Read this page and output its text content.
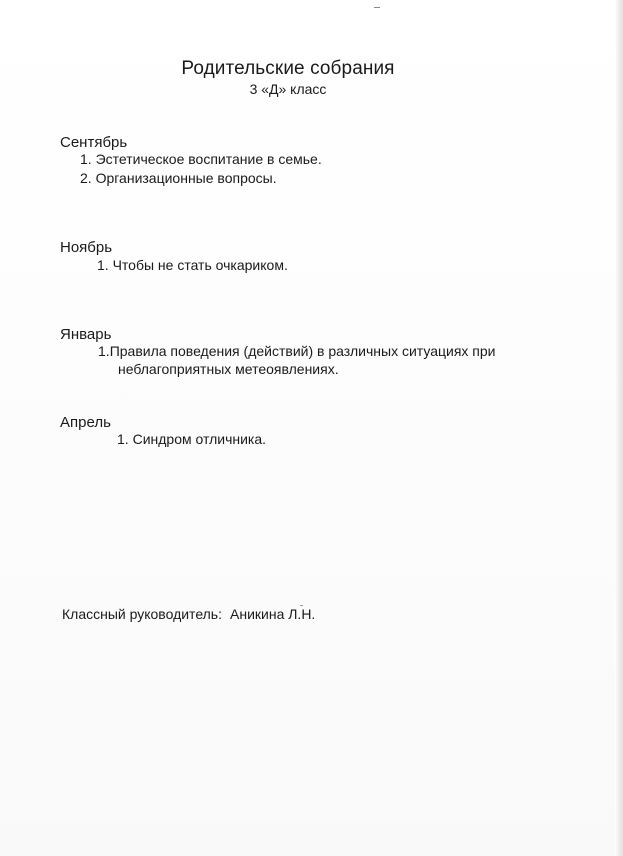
Родительские собрания
3 «Д» класс
Сентябрь
1. Эстетическое воспитание в семье.
2. Организационные вопросы.
Ноябрь
1. Чтобы не стать очкариком.
Январь
1.Правила поведения (действий) в различных ситуациях при
неблагоприятных метеоявлениях.
Апрель
1. Синдром отличника.
Классный руководитель: Аникина Л.Н.
